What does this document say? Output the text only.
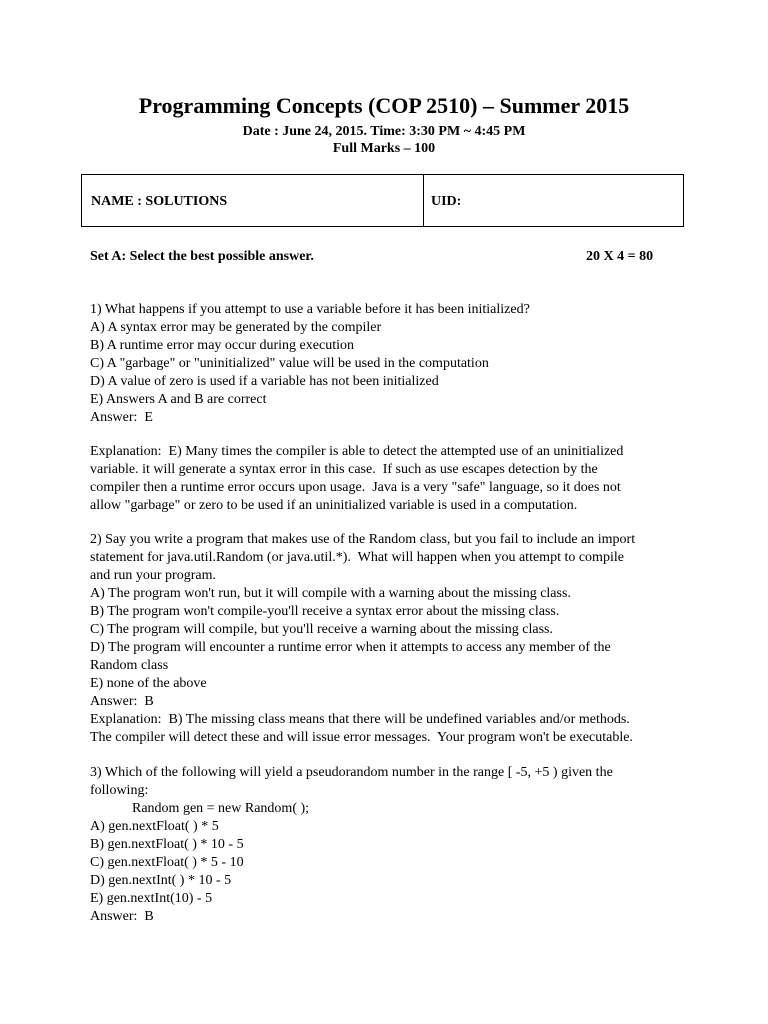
Programming Concepts (COP 2510) – Summer 2015
Date : June 24, 2015. Time: 3:30 PM ~ 4:45 PM
Full Marks – 100
NAME : SOLUTIONS	UID:
Set A: Select the best possible answer.	20 X 4 = 80
1) What happens if you attempt to use a variable before it has been initialized?
A) A syntax error may be generated by the compiler
B) A runtime error may occur during execution
C) A "garbage" or "uninitialized" value will be used in the computation
D) A value of zero is used if a variable has not been initialized
E) Answers A and B are correct
Answer:  E
Explanation:  E) Many times the compiler is able to detect the attempted use of an uninitialized
variable. it will generate a syntax error in this case.  If such as use escapes detection by the
compiler then a runtime error occurs upon usage.  Java is a very "safe" language, so it does not
allow "garbage" or zero to be used if an uninitialized variable is used in a computation.
2) Say you write a program that makes use of the Random class, but you fail to include an import
statement for java.util.Random (or java.util.*).  What will happen when you attempt to compile
and run your program.
A) The program won't run, but it will compile with a warning about the missing class.
B) The program won't compile-you'll receive a syntax error about the missing class.
C) The program will compile, but you'll receive a warning about the missing class.
D) The program will encounter a runtime error when it attempts to access any member of the
Random class
E) none of the above
Answer:  B
Explanation:  B) The missing class means that there will be undefined variables and/or methods.
The compiler will detect these and will issue error messages.  Your program won't be executable.
3) Which of the following will yield a pseudorandom number in the range [ -5, +5 ) given the
following:
Random gen = new Random( );
A) gen.nextFloat( ) * 5
B) gen.nextFloat( ) * 10 - 5
C) gen.nextFloat( ) * 5 - 10
D) gen.nextInt( ) * 10 - 5
E) gen.nextInt(10) - 5
Answer:  B
